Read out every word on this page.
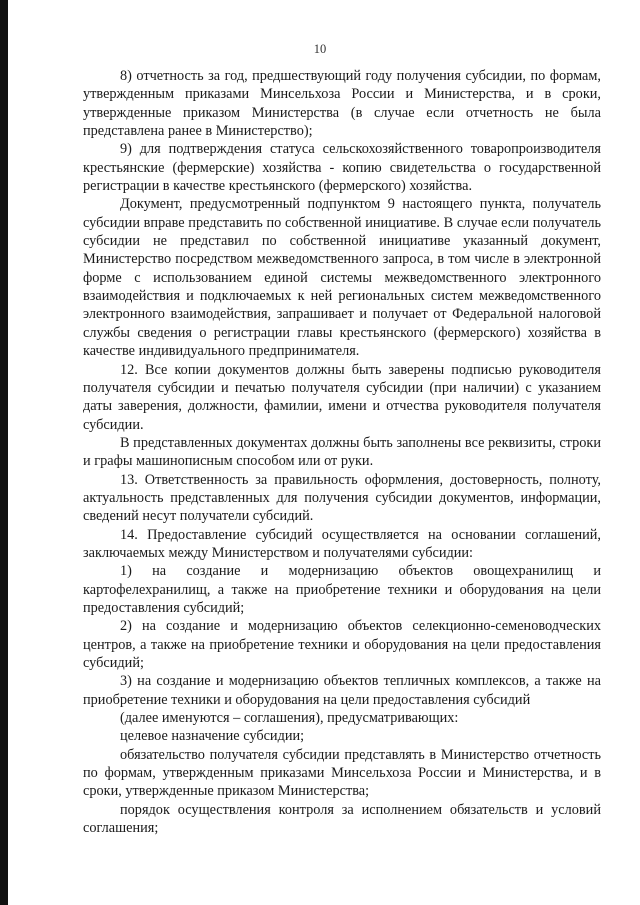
10

8) отчетность за год, предшествующий году получения субсидии, по формам, утвержденным приказами Минсельхоза России и Министерства, и в сроки, утвержденные приказом Министерства (в случае если отчетность не была представлена ранее в Министерство);

9) для подтверждения статуса сельскохозяйственного товаропроизводителя крестьянские (фермерские) хозяйства - копию свидетельства о государственной регистрации в качестве крестьянского (фермерского) хозяйства.

Документ, предусмотренный подпунктом 9 настоящего пункта, получатель субсидии вправе представить по собственной инициативе. В случае если получатель субсидии не представил по собственной инициативе указанный документ, Министерство посредством межведомственного запроса, в том числе в электронной форме с использованием единой системы межведомственного электронного взаимодействия и подключаемых к ней региональных систем межведомственного электронного взаимодействия, запрашивает и получает от Федеральной налоговой службы сведения о регистрации главы крестьянского (фермерского) хозяйства в качестве индивидуального предпринимателя.

12. Все копии документов должны быть заверены подписью руководителя получателя субсидии и печатью получателя субсидии (при наличии) с указанием даты заверения, должности, фамилии, имени и отчества руководителя получателя субсидии.

В представленных документах должны быть заполнены все реквизиты, строки и графы машинописным способом или от руки.

13. Ответственность за правильность оформления, достоверность, полноту, актуальность представленных для получения субсидии документов, информации, сведений несут получатели субсидий.

14. Предоставление субсидий осуществляется на основании соглашений, заключаемых между Министерством и получателями субсидии:

1) на создание и модернизацию объектов овощехранилищ и картофелехранилищ, а также на приобретение техники и оборудования на цели предоставления субсидий;

2) на создание и модернизацию объектов селекционно-семеноводческих центров, а также на приобретение техники и оборудования на цели предоставления субсидий;

3) на создание и модернизацию объектов тепличных комплексов, а также на приобретение техники и оборудования на цели предоставления субсидий

(далее именуются – соглашения), предусматривающих:

целевое назначение субсидии;

обязательство получателя субсидии представлять в Министерство отчетность по формам, утвержденным приказами Минсельхоза России и Министерства, и в сроки, утвержденные приказом Министерства;

порядок осуществления контроля за исполнением обязательств и условий соглашения;
